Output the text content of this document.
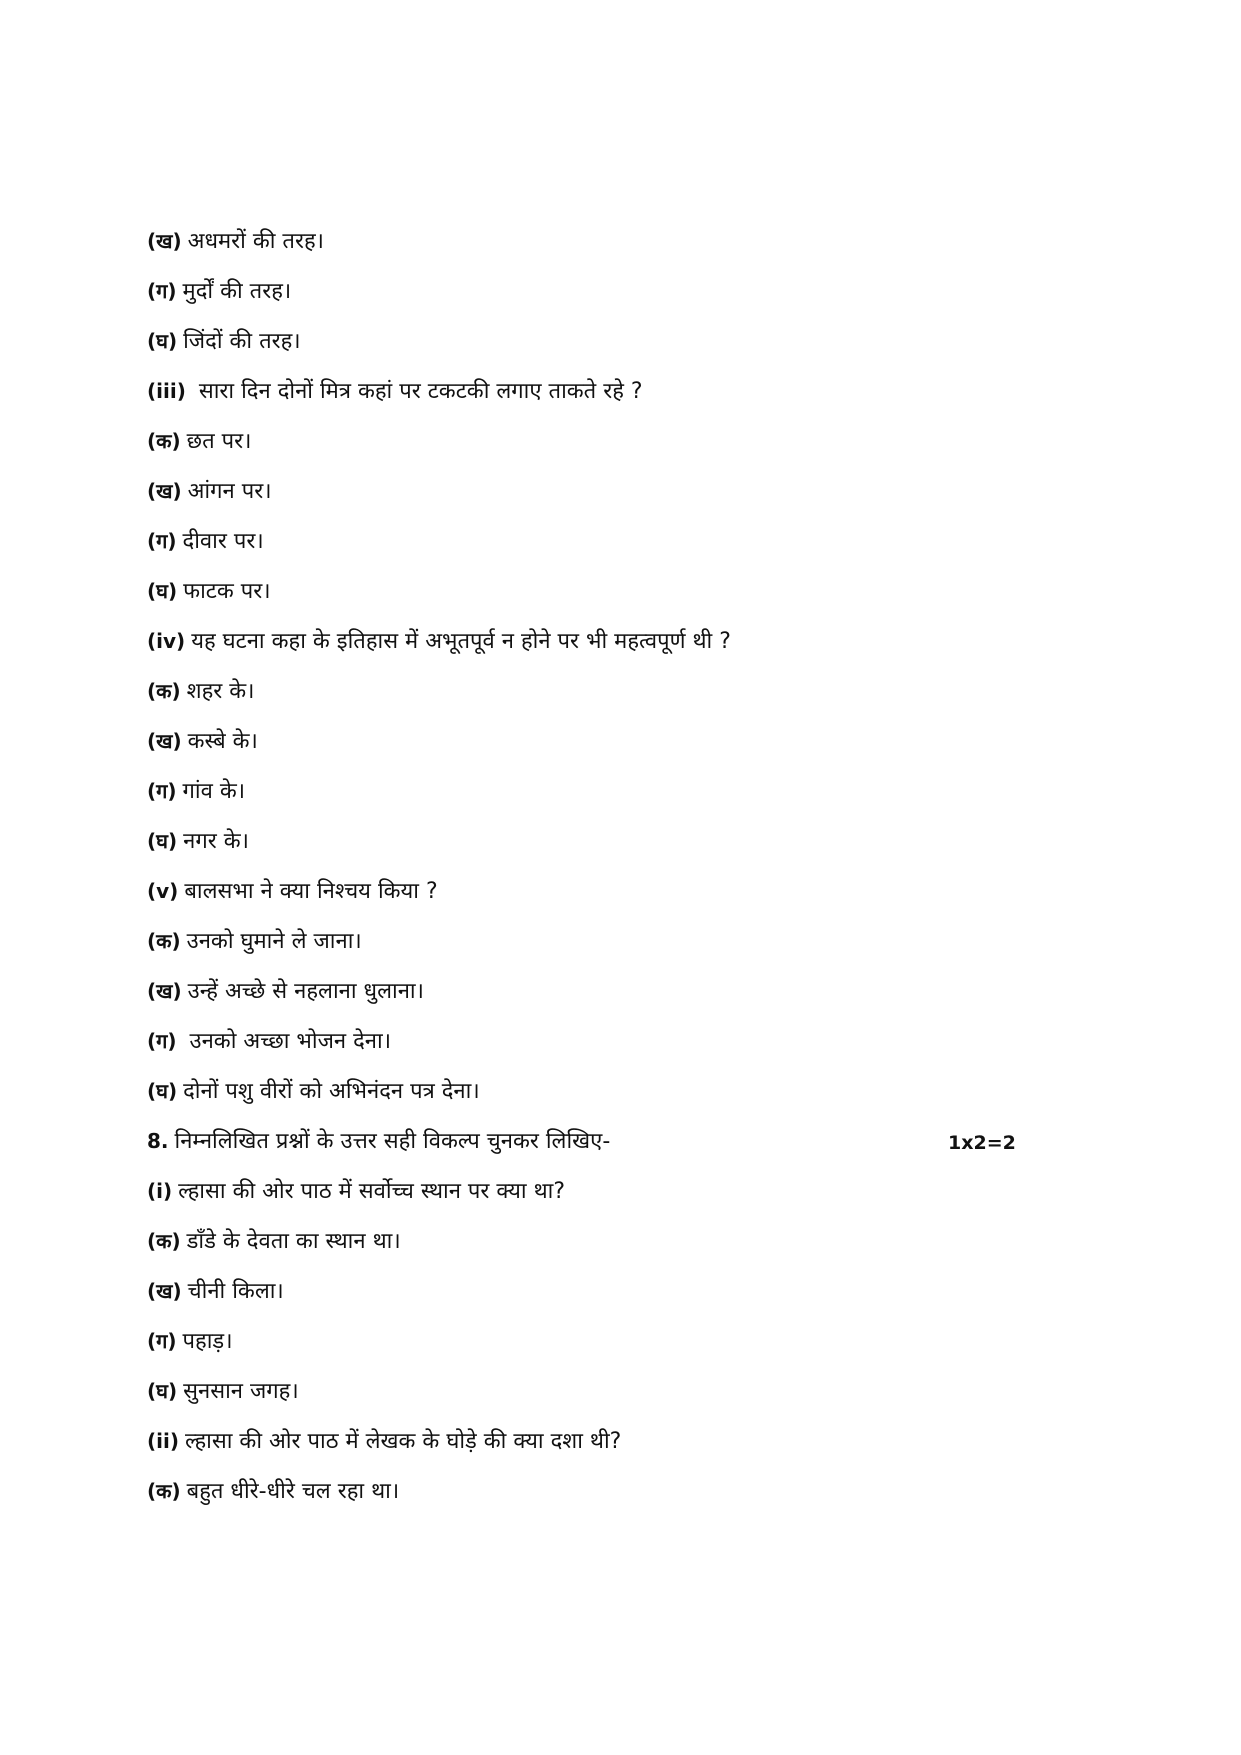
(ख) अधमरों की तरह।
(ग) मुर्दों की तरह।
(घ) जिंदों की तरह।
(iii) सारा दिन दोनों मित्र कहां पर टकटकी लगाए ताकते रहे ?
(क) छत पर।
(ख) आंगन पर।
(ग) दीवार पर।
(घ) फाटक पर।
(iv) यह घटना कहा के इतिहास में अभूतपूर्व न होने पर भी महत्वपूर्ण थी ?
(क) शहर के।
(ख) कस्बे के।
(ग) गांव के।
(घ) नगर के।
(v) बालसभा ने क्या निश्चय किया ?
(क) उनको घुमाने ले जाना।
(ख) उन्हें अच्छे से नहलाना धुलाना।
(ग) उनको अच्छा भोजन देना।
(घ) दोनों पशु वीरों को अभिनंदन पत्र देना।
8. निम्नलिखित प्रश्नों के उत्तर सही विकल्प चुनकर लिखिए-	1x2=2
(i) ल्हासा की ओर पाठ में सर्वोच्च स्थान पर क्या था?
(क) डाँडे के देवता का स्थान था।
(ख) चीनी किला।
(ग) पहाड़।
(घ) सुनसान जगह।
(ii) ल्हासा की ओर पाठ में लेखक के घोड़े की क्या दशा थी?
(क) बहुत धीरे-धीरे चल रहा था।
